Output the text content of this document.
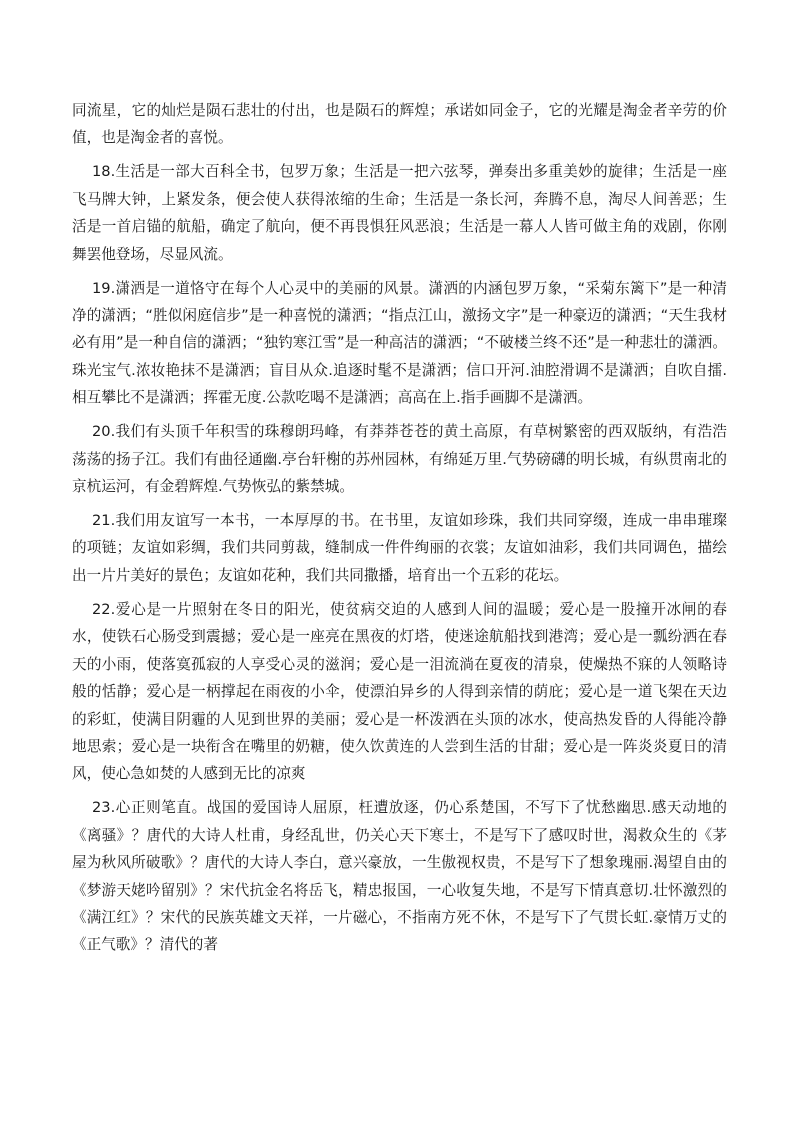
同流星，它的灿烂是陨石悲壮的付出，也是陨石的辉煌；承诺如同金子，它的光耀是淘金者辛劳的价值，也是淘金者的喜悦。

18.生活是一部大百科全书，包罗万象；生活是一把六弦琴，弹奏出多重美妙的旋律；生活是一座飞马牌大钟，上紧发条，便会使人获得浓缩的生命；生活是一条长河，奔腾不息，淘尽人间善恶；生活是一首启锚的航船，确定了航向，便不再畏惧狂风恶浪；生活是一幕人人皆可做主角的戏剧，你刚舞罢他登场，尽显风流。

19.潇洒是一道恪守在每个人心灵中的美丽的风景。潇洒的内涵包罗万象，“采菊东篱下”是一种清净的潇洒；“胜似闲庭信步”是一种喜悦的潇洒；“指点江山，激扬文字”是一种豪迈的潇洒；“天生我材必有用”是一种自信的潇洒；“独钓寒江雪”是一种高洁的潇洒；“不破楼兰终不还”是一种悲壮的潇洒。珠光宝气.浓妆艳抹不是潇洒；盲目从众.追逐时髦不是潇洒；信口开河.油腔滑调不是潇洒；自吹自擂.相互攀比不是潇洒；挥霍无度.公款吃喝不是潇洒；高高在上.指手画脚不是潇洒。

20.我们有头顶千年积雪的珠穆朗玛峰，有莽莽苍苍的黄土高原，有草树繁密的西双版纳，有浩浩荡荡的扬子江。我们有曲径通幽.亭台轩榭的苏州园林，有绵延万里.气势磅礴的明长城，有纵贯南北的京杭运河，有金碧辉煌.气势恢弘的紫禁城。

21.我们用友谊写一本书，一本厚厚的书。在书里，友谊如珍珠，我们共同穿缀，连成一串串璀璨的项链；友谊如彩绸，我们共同剪裁，缝制成一件件绚丽的衣裳；友谊如油彩，我们共同调色，描绘出一片片美好的景色；友谊如花种，我们共同撒播，培育出一个五彩的花坛。

22.爱心是一片照射在冬日的阳光，使贫病交迫的人感到人间的温暖；爱心是一股撞开冰闸的春水，使铁石心肠受到震撼；爱心是一座亮在黑夜的灯塔，使迷途航船找到港湾；爱心是一瓢纷洒在春天的小雨，使落寞孤寂的人享受心灵的滋润；爱心是一泪流淌在夏夜的清泉，使燥热不寐的人领略诗般的恬静；爱心是一柄撑起在雨夜的小伞，使漂泊异乡的人得到亲情的荫庇；爱心是一道飞架在天边的彩虹，使满目阴霾的人见到世界的美丽；爱心是一杯泼洒在头顶的冰水，使高热发昏的人得能冷静地思索；爱心是一块衔含在嘴里的奶糖，使久饮黄连的人尝到生活的甘甜；爱心是一阵炎炎夏日的清风，使心急如焚的人感到无比的凉爽

23.心正则笔直。战国的爱国诗人屈原，枉遭放逐，仍心系楚国，不写下了忧愁幽思.感天动地的《离骚》？唐代的大诗人杜甫，身经乱世，仍关心天下寒士，不是写下了感叹时世，渴救众生的《茅屋为秋风所破歌》？唐代的大诗人李白，意兴豪放，一生傲视权贵，不是写下了想象瑰丽.渴望自由的《梦游天姥吟留别》？宋代抗金名将岳飞，精忠报国，一心收复失地，不是写下情真意切.壮怀激烈的《满江红》？宋代的民族英雄文天祥，一片磁心，不指南方死不休，不是写下了气贯长虹.豪情万丈的《正气歌》？清代的著
